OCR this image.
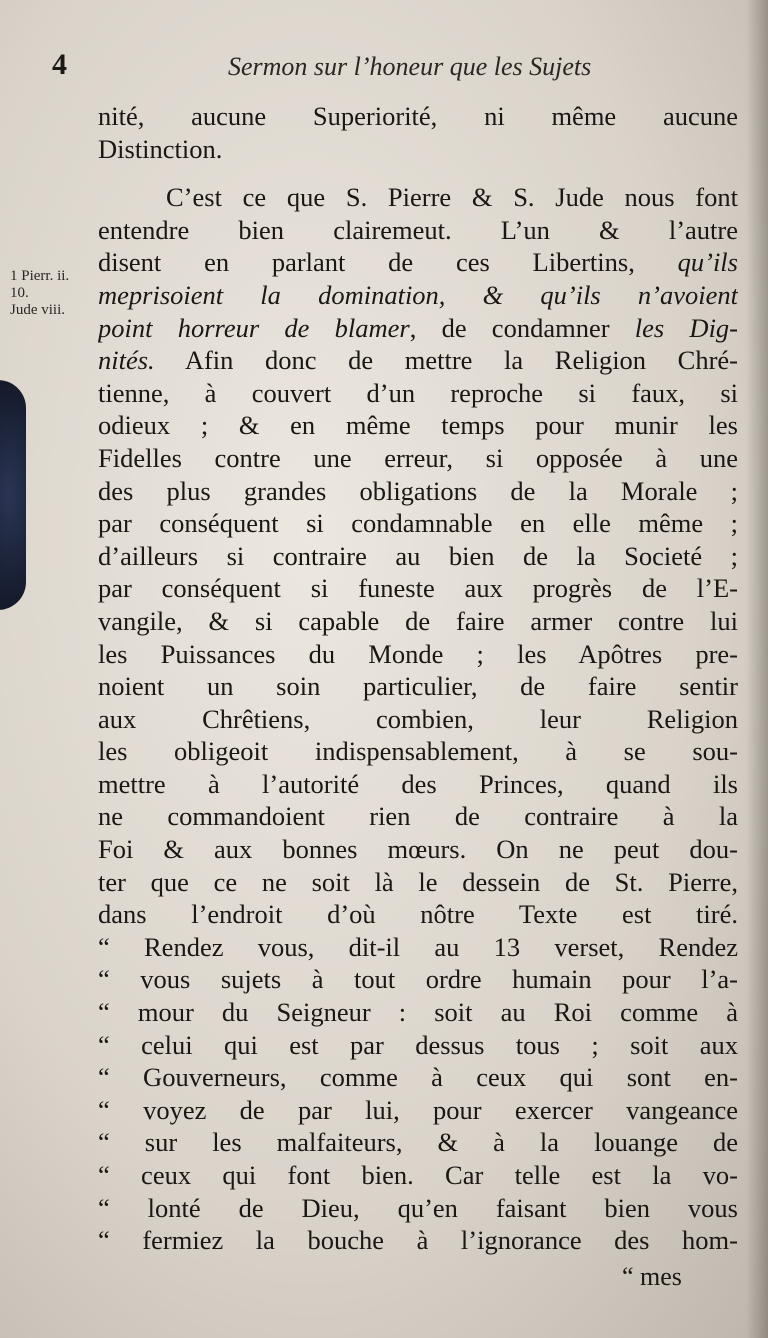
4	Sermon sur l’honeur que les Sujets
1 Pierr. ii.
10.
Jude viii.
nité, aucune Superiorité, ni même aucune
Distinction.
C’est ce que S. Pierre & S. Jude nous font
entendre bien clairemeut. L’un & l’autre
disent en parlant de ces Libertins, qu’ils
meprisoient la domination, & qu’ils n’avoient
point horreur de blamer, de condamner les Dig-
nités. Afin donc de mettre la Religion Chré-
tienne, à couvert d’un reproche si faux, si
odieux ; & en même temps pour munir les
Fidelles contre une erreur, si opposée à une
des plus grandes obligations de la Morale ;
par conséquent si condamnable en elle même ;
d’ailleurs si contraire au bien de la Societé ;
par conséquent si funeste aux progrès de l’E-
vangile, & si capable de faire armer contre lui
les Puissances du Monde ; les Apôtres pre-
noient un soin particulier, de faire sentir
aux Chrêtiens, combien, leur Religion
les obligeoit indispensablement, à se sou-
mettre à l’autorité des Princes, quand ils
ne commandoient rien de contraire à la
Foi & aux bonnes mœurs. On ne peut dou-
ter que ce ne soit là le dessein de St. Pierre,
dans l’endroit d’où nôtre Texte est tiré.
“ Rendez vous, dit-il au 13 verset, Rendez
“ vous sujets à tout ordre humain pour l’a-
“ mour du Seigneur : soit au Roi comme à
“ celui qui est par dessus tous ; soit aux
“ Gouverneurs, comme à ceux qui sont en-
“ voyez de par lui, pour exercer vangeance
“ sur les malfaiteurs, & à la louange de
“ ceux qui font bien. Car telle est la vo-
“ lonté de Dieu, qu’en faisant bien vous
“ fermiez la bouche à l’ignorance des hom-
“ mes
